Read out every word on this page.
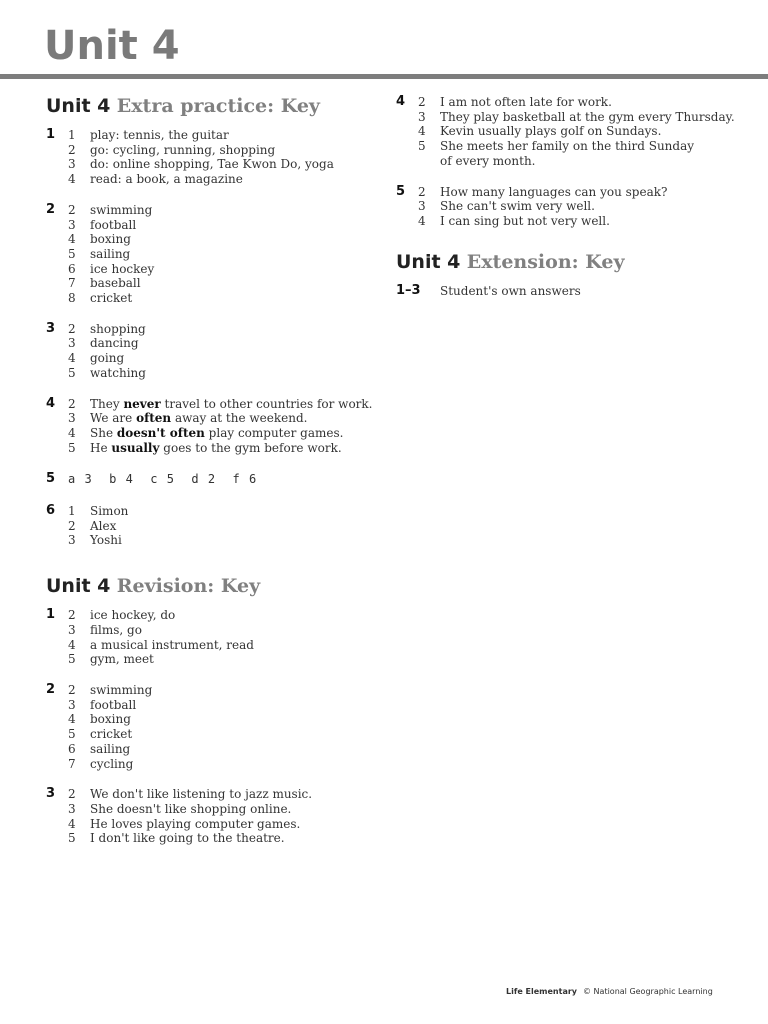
Unit 4
Unit 4 Extra practice: Key
1	1	play: tennis, the guitar
2	go: cycling, running, shopping
3	do: online shopping, Tae Kwon Do, yoga
4	read: a book, a magazine
2	2	swimming
3	football
4	boxing
5	sailing
6	ice hockey
7	baseball
8	cricket
3	2	shopping
3	dancing
4	going
5	watching
4	2	They never travel to other countries for work.
3	We are often away at the weekend.
4	She doesn't often play computer games.
5	He usually goes to the gym before work.
5	a 3  b 4  c 5  d 2  f 6
6	1	Simon
2	Alex
3	Yoshi
Unit 4 Revision: Key
1	2	ice hockey, do
3	films, go
4	a musical instrument, read
5	gym, meet
2	2	swimming
3	football
4	boxing
5	cricket
6	sailing
7	cycling
3	2	We don't like listening to jazz music.
3	She doesn't like shopping online.
4	He loves playing computer games.
5	I don't like going to the theatre.
4	2	I am not often late for work.
3	They play basketball at the gym every Thursday.
4	Kevin usually plays golf on Sundays.
5	She meets her family on the third Sunday of every month.
5	2	How many languages can you speak?
3	She can't swim very well.
4	I can sing but not very well.
Unit 4 Extension: Key
1–3	Student's own answers
Life Elementary © National Geographic Learning
